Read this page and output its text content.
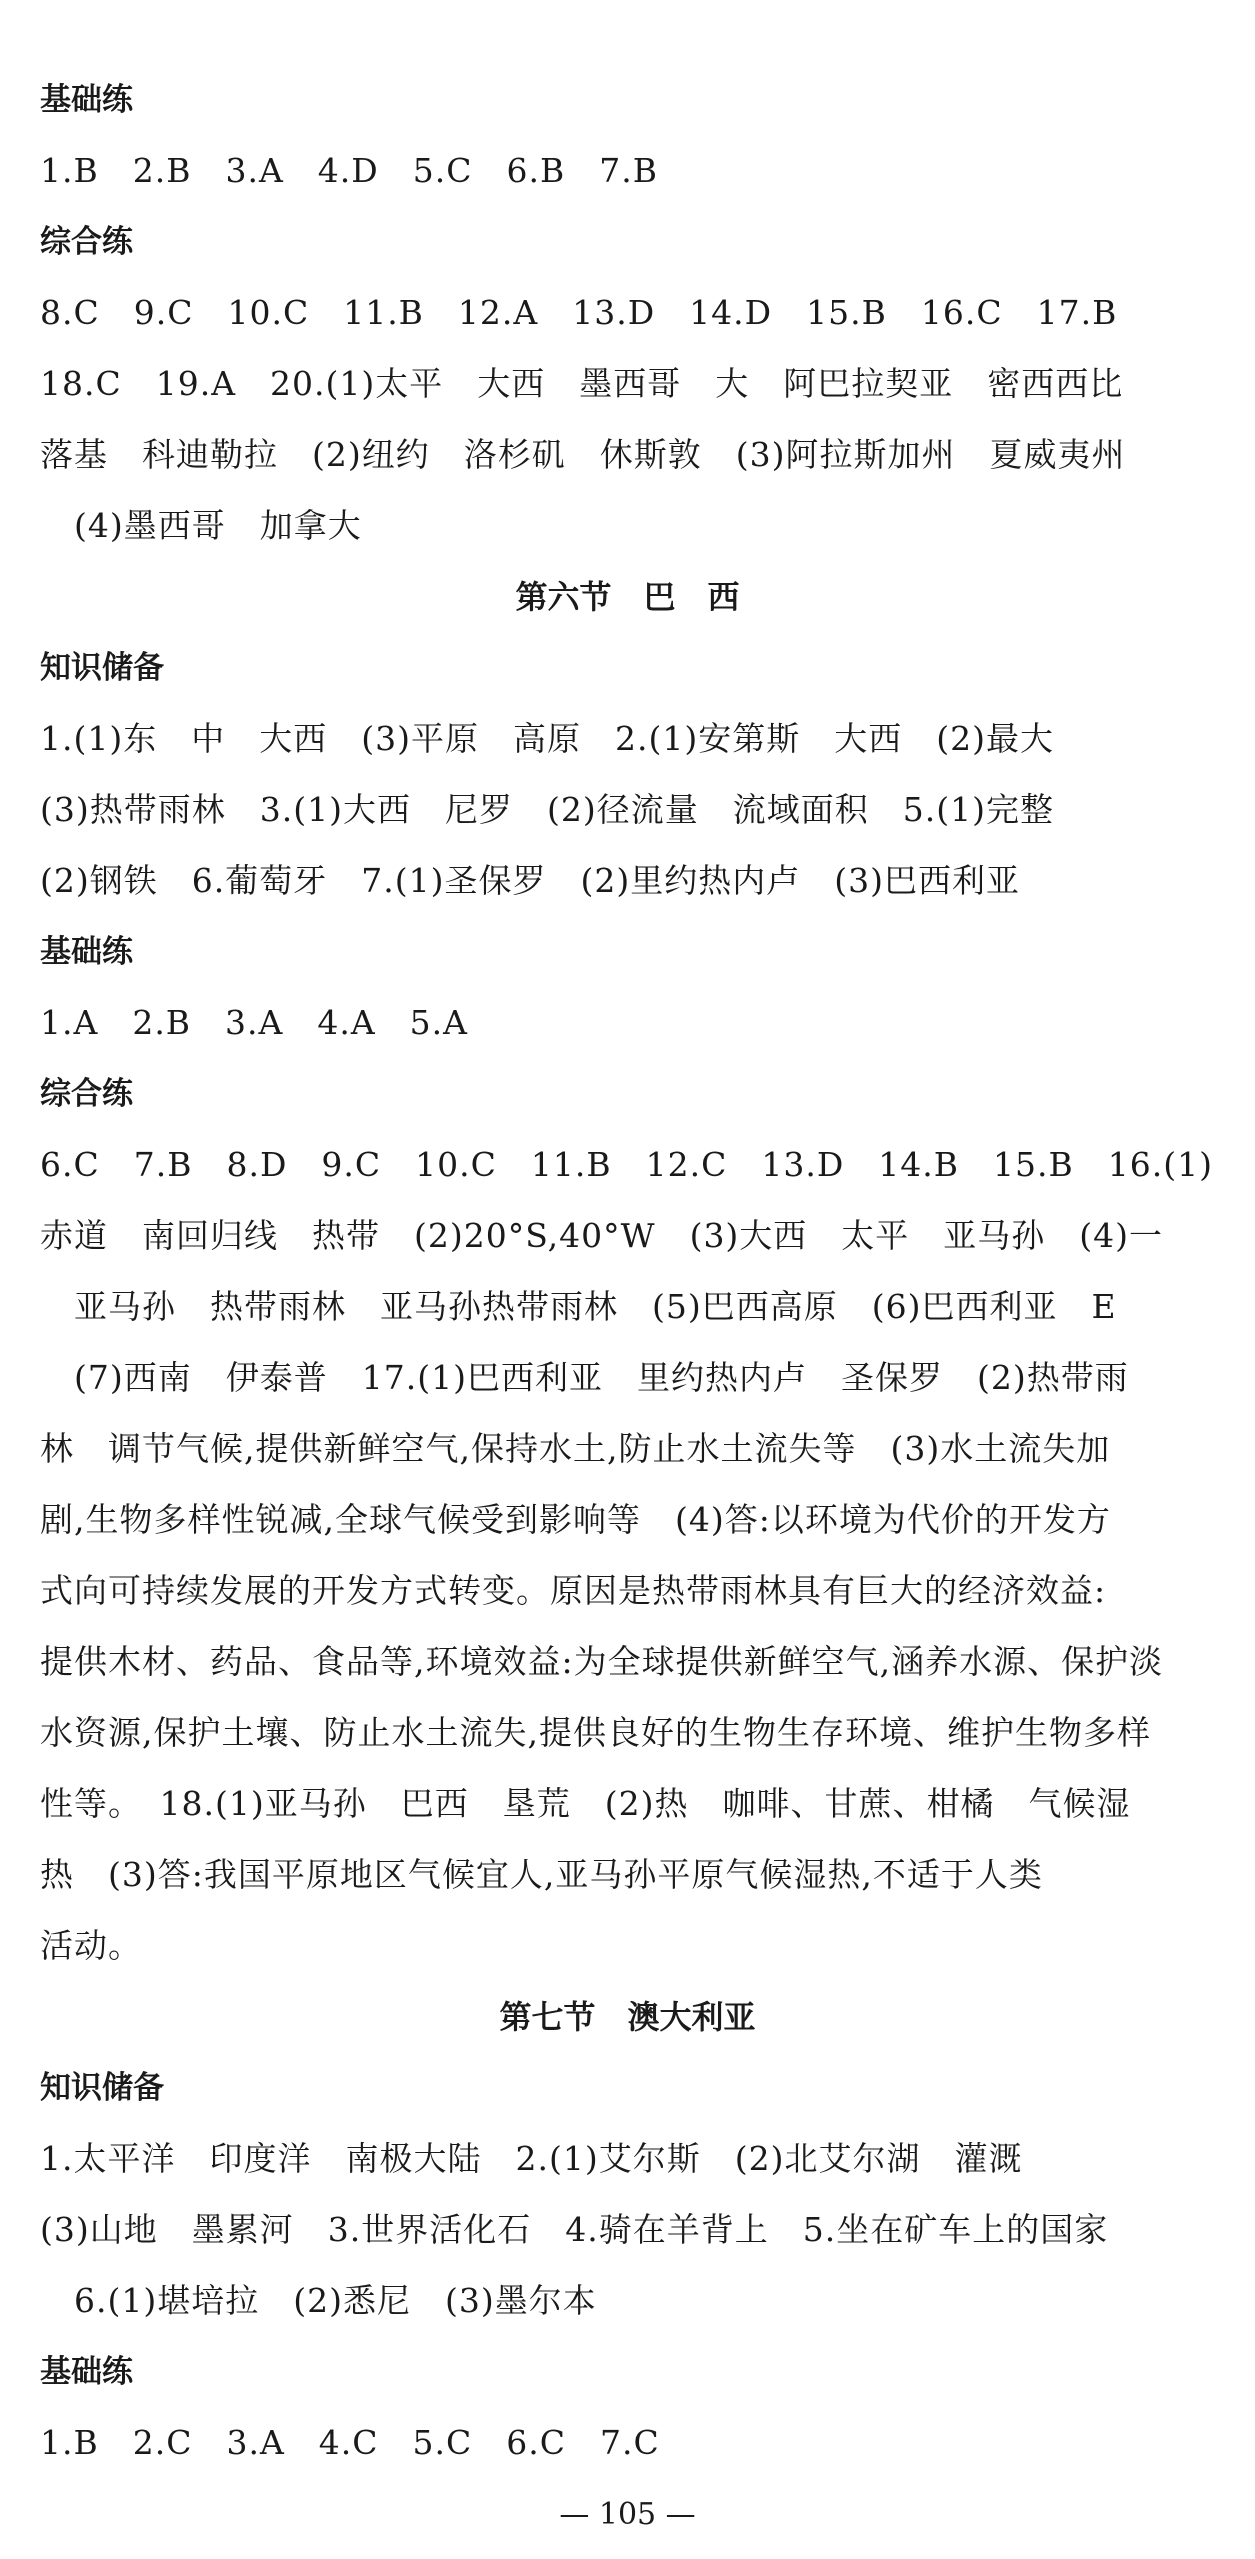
基础练
1.B　2.B　3.A　4.D　5.C　6.B　7.B
综合练
8.C　9.C　10.C　11.B　12.A　13.D　14.D　15.B　16.C　17.B
18.C　19.A　20.(1)太平　大西　墨西哥　大　阿巴拉契亚　密西西比
落基　科迪勒拉　(2)纽约　洛杉矶　休斯敦　(3)阿拉斯加州　夏威夷州
　(4)墨西哥　加拿大
第六节　巴　西
知识储备
1.(1)东　中　大西　(3)平原　高原　2.(1)安第斯　大西　(2)最大
(3)热带雨林　3.(1)大西　尼罗　(2)径流量　流域面积　5.(1)完整
(2)钢铁　6.葡萄牙　7.(1)圣保罗　(2)里约热内卢　(3)巴西利亚
基础练
1.A　2.B　3.A　4.A　5.A
综合练
6.C　7.B　8.D　9.C　10.C　11.B　12.C　13.D　14.B　15.B　16.(1)
赤道　南回归线　热带　(2)20°S,40°W　(3)大西　太平　亚马孙　(4)一
　亚马孙　热带雨林　亚马孙热带雨林　(5)巴西高原　(6)巴西利亚　E
　(7)西南　伊泰普　17.(1)巴西利亚　里约热内卢　圣保罗　(2)热带雨
林　调节气候,提供新鲜空气,保持水土,防止水土流失等　(3)水土流失加
剧,生物多样性锐减,全球气候受到影响等　(4)答:以环境为代价的开发方
式向可持续发展的开发方式转变。原因是热带雨林具有巨大的经济效益:
提供木材、药品、食品等,环境效益:为全球提供新鲜空气,涵养水源、保护淡
水资源,保护土壤、防止水土流失,提供良好的生物生存环境、维护生物多样
性等。　18.(1)亚马孙　巴西　垦荒　(2)热　咖啡、甘蔗、柑橘　气候湿
热　(3)答:我国平原地区气候宜人,亚马孙平原气候湿热,不适于人类
活动。
第七节　澳大利亚
知识储备
1.太平洋　印度洋　南极大陆　2.(1)艾尔斯　(2)北艾尔湖　灌溉
(3)山地　墨累河　3.世界活化石　4.骑在羊背上　5.坐在矿车上的国家
　6.(1)堪培拉　(2)悉尼　(3)墨尔本
基础练
1.B　2.C　3.A　4.C　5.C　6.C　7.C
— 105 —
